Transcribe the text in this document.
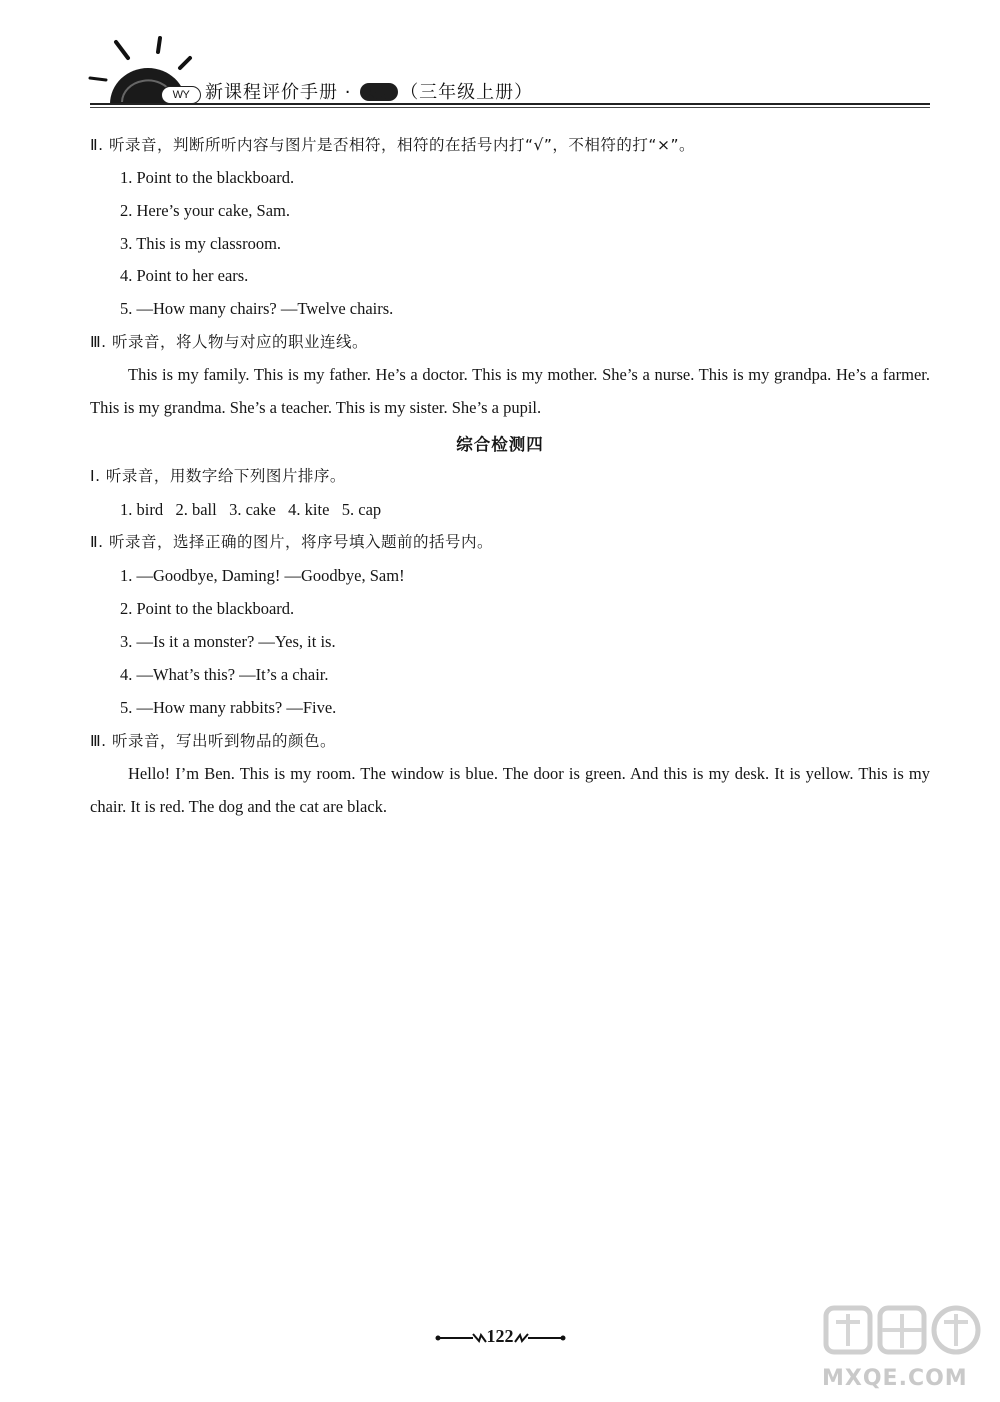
WY 新课程评价手册 · 英语 （三年级上册）
Ⅱ. 听录音，判断所听内容与图片是否相符，相符的在括号内打“√”，不相符的打“×”。
1. Point to the blackboard.
2. Here’s your cake, Sam.
3. This is my classroom.
4. Point to her ears.
5. —How many chairs? —Twelve chairs.
Ⅲ. 听录音，将人物与对应的职业连线。
This is my family. This is my father. He’s a doctor. This is my mother. She’s a nurse. This is my grandpa. He’s a farmer. This is my grandma. She’s a teacher. This is my sister. She’s a pupil.
综合检测四
Ⅰ. 听录音，用数字给下列图片排序。
1. bird   2. ball   3. cake   4. kite   5. cap
Ⅱ. 听录音，选择正确的图片，将序号填入题前的括号内。
1. —Goodbye, Daming! —Goodbye, Sam!
2. Point to the blackboard.
3. —Is it a monster? —Yes, it is.
4. —What’s this? —It’s a chair.
5. —How many rabbits? —Five.
Ⅲ. 听录音，写出听到物品的颜色。
Hello! I’m Ben. This is my room. The window is blue. The door is green. And this is my desk. It is yellow. This is my chair. It is red. The dog and the cat are black.
122
MXQE.COM
